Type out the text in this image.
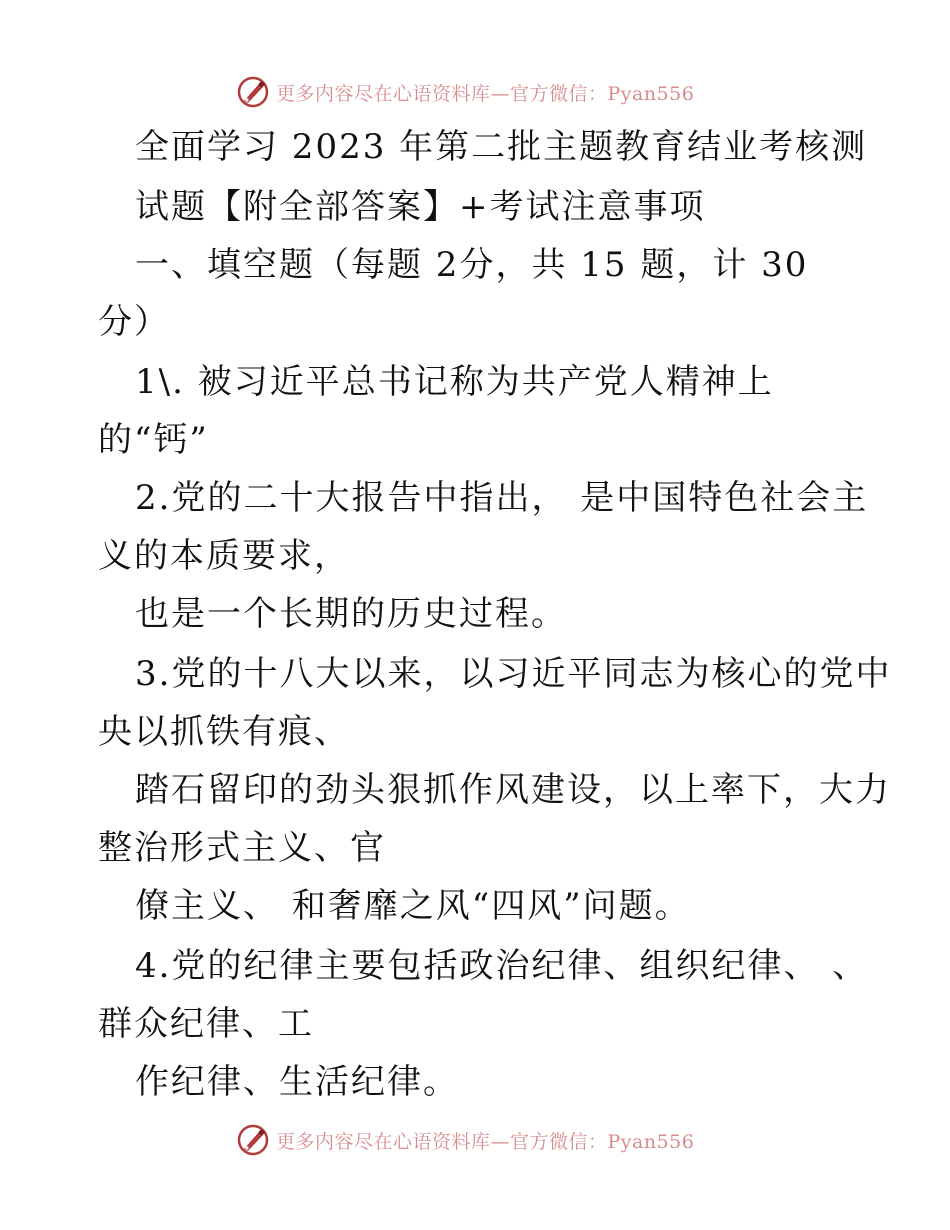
更多内容尽在心语资料库—官方微信：Pyan556
全面学习 2023 年第二批主题教育结业考核测
试题【附全部答案】+考试注意事项
一、填空题（每题 2分，共 15 题，计 30
分）
1\. 被习近平总书记称为共产党人精神上
的“钙”
2.党的二十大报告中指出， 是中国特色社会主
义的本质要求，
也是一个长期的历史过程。
3.党的十八大以来，以习近平同志为核心的党中
央以抓铁有痕、
踏石留印的劲头狠抓作风建设，以上率下，大力
整治形式主义、官
僚主义、 和奢靡之风“四风”问题。
4.党的纪律主要包括政治纪律、组织纪律、 、
群众纪律、工
作纪律、生活纪律。
更多内容尽在心语资料库—官方微信：Pyan556
